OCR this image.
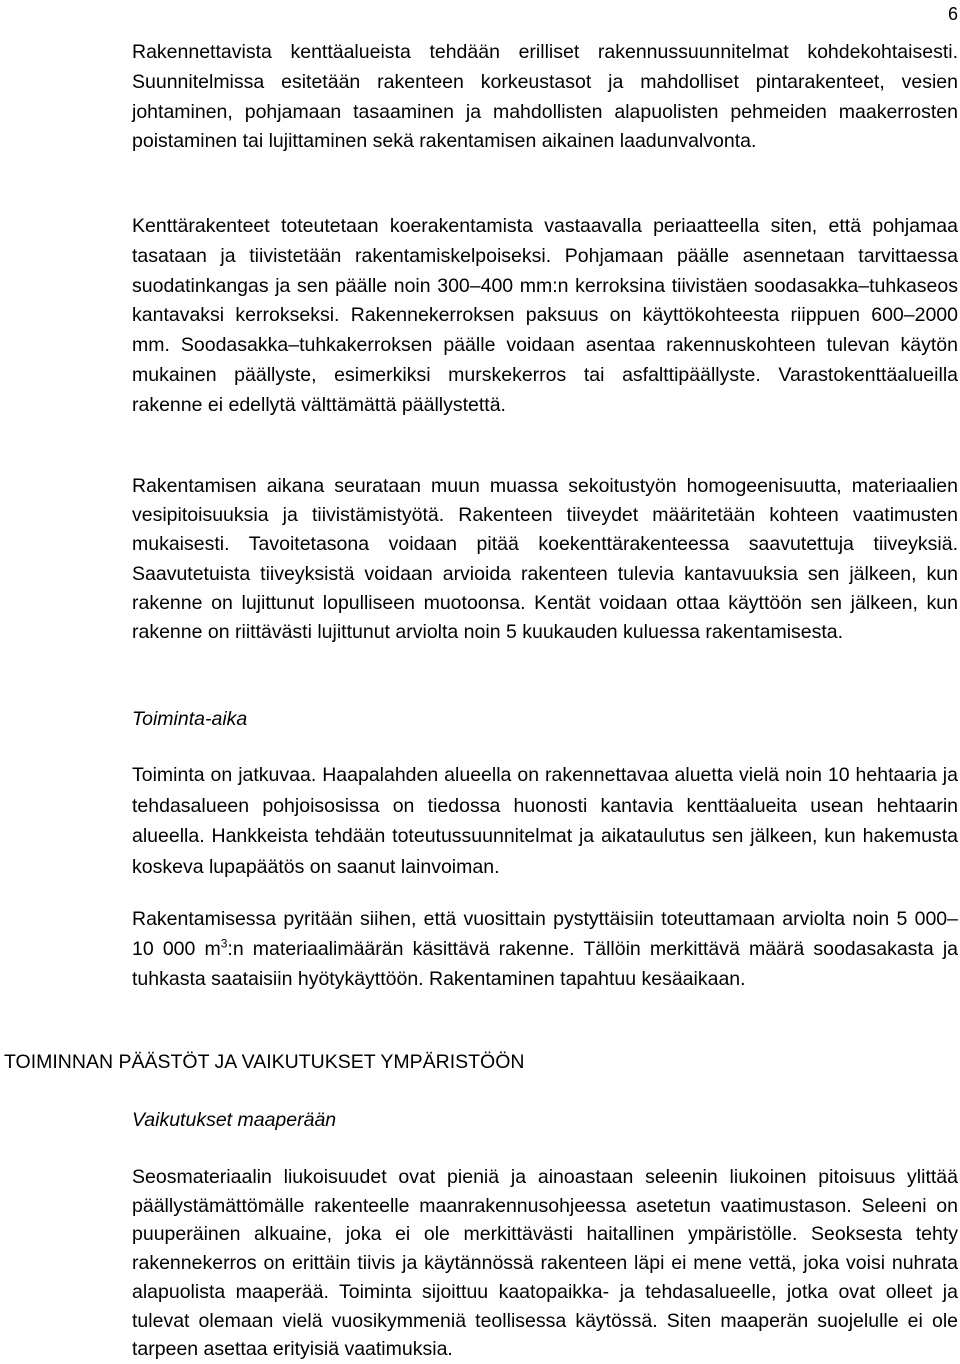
6

Rakennettavista kenttäalueista tehdään erilliset rakennussuunnitelmat kohdekohtaisesti. Suunnitelmissa esitetään rakenteen korkeustasot ja mahdolliset pintarakenteet, vesien johtaminen, pohjamaan tasaaminen ja mahdollisten alapuolisten pehmeiden maakerrosten poistaminen tai lujittaminen sekä rakentamisen aikainen laadunvalvonta.

Kenttärakenteet toteutetaan koerakentamista vastaavalla periaatteella siten, että pohjamaa tasataan ja tiivistetään rakentamiskelpoiseksi. Pohjamaan päälle asennetaan tarvittaessa suodatinkangas ja sen päälle noin 300–400 mm:n kerroksina tiivistäen soodasakka–tuhkaseos kantavaksi kerrokseksi. Rakennekerroksen paksuus on käyttökohteesta riippuen 600–2000 mm. Soodasakka–tuhkakerroksen päälle voidaan asentaa rakennuskohteen tulevan käytön mukainen päällyste, esimerkiksi murskekerros tai asfalttipäällyste. Varastokenttäalueilla rakenne ei edellytä välttämättä päällystettä.

Rakentamisen aikana seurataan muun muassa sekoitustyön homogeenisuutta, materiaalien vesipitoisuuksia ja tiivistämistyötä. Rakenteen tiiveydet määritetään kohteen vaatimusten mukaisesti. Tavoitetasona voidaan pitää koekenttärakenteessa saavutettuja tiiveyksiä. Saavutetuista tiiveyksistä voidaan arvioida rakenteen tulevia kantavuuksia sen jälkeen, kun rakenne on lujittunut lopulliseen muotoonsa. Kentät voidaan ottaa käyttöön sen jälkeen, kun rakenne on riittävästi lujittunut arviolta noin 5 kuukauden kuluessa rakentamisesta.

Toiminta-aika

Toiminta on jatkuvaa. Haapalahden alueella on rakennettavaa aluetta vielä noin 10 hehtaaria ja tehdasalueen pohjoisosissa on tiedossa huonosti kantavia kenttäalueita usean hehtaarin alueella. Hankkeista tehdään toteutussuunnitelmat ja aikataulutus sen jälkeen, kun hakemusta koskeva lupapäätös on saanut lainvoiman.

Rakentamisessa pyritään siihen, että vuosittain pystyttäisiin toteuttamaan arviolta noin 5 000–10 000 $m^3:n$ materiaalimäärän käsittävä rakenne. Tällöin merkittävä määrä soodasakasta ja tuhkasta saataisiin hyötykäyttöön. Rakentaminen tapahtuu kesäaikaan.

TOIMINNAN PÄÄSTÖT JA VAIKUTUKSET YMPÄRISTÖÖN

Vaikutukset maaperään

Seosmateriaalin liukoisuudet ovat pieniä ja ainoastaan seleenin liukoinen pitoisuus ylittää päällystämättömälle rakenteelle maanrakennusohjeessa asetetun vaatimustason. Seleeni on puuperäinen alkuaine, joka ei ole merkittävästi haitallinen ympäristölle. Seoksesta tehty rakennekerros on erittäin tiivis ja käytännössä rakenteen läpi ei mene vettä, joka voisi nuhrata alapuolista maaperää. Toiminta sijoittuu kaatopaikka- ja tehdasalueelle, jotka ovat olleet ja tulevat olemaan vielä vuosikymmeniä teollisessa käytössä. Siten maaperän suojelulle ei ole tarpeen asettaa erityisiä vaatimuksia.
